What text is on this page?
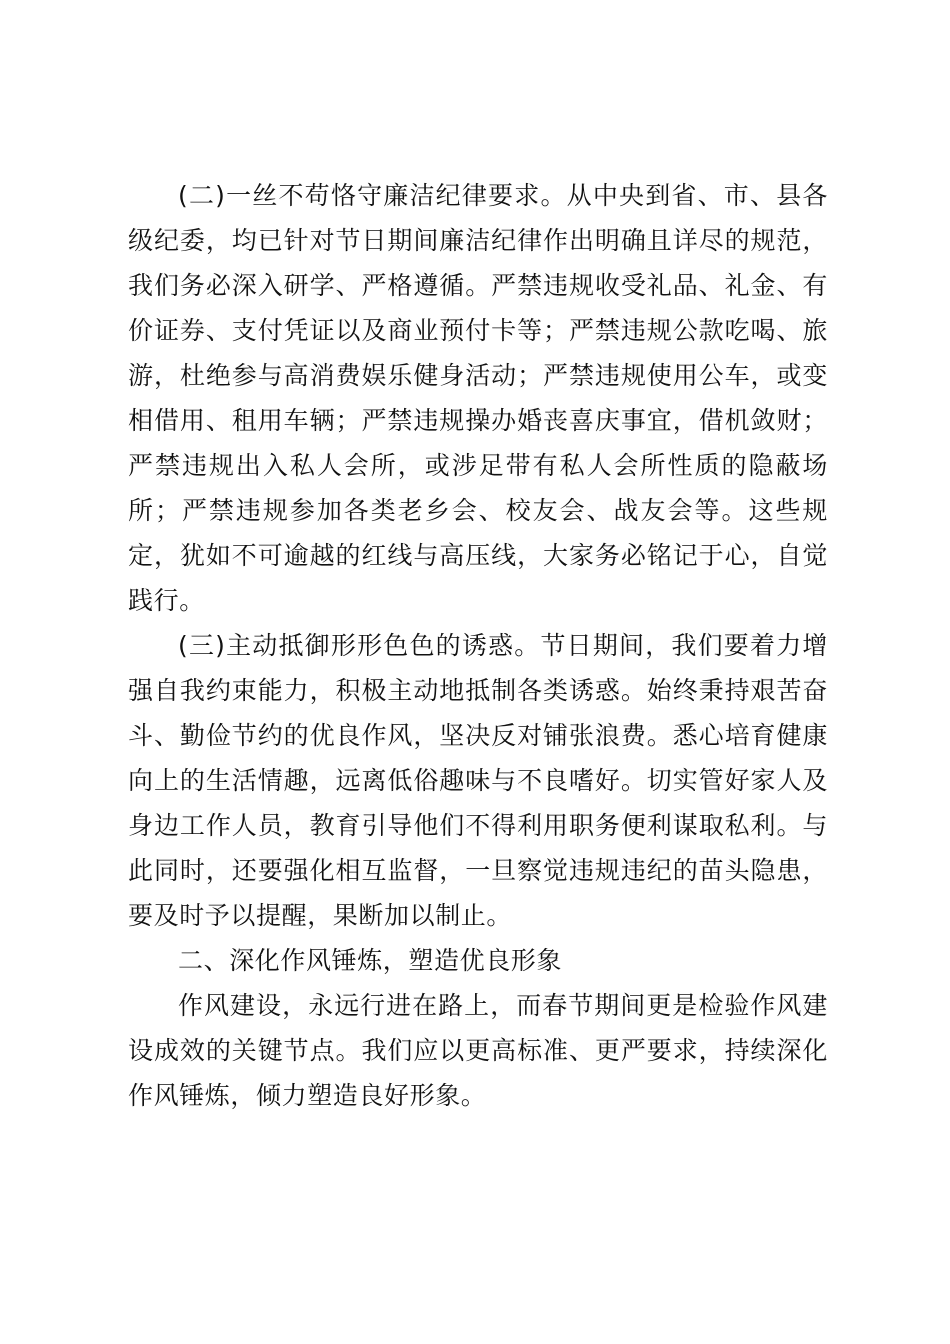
(二)一丝不苟恪守廉洁纪律要求。从中央到省、市、县各级纪委，均已针对节日期间廉洁纪律作出明确且详尽的规范，我们务必深入研学、严格遵循。严禁违规收受礼品、礼金、有价证券、支付凭证以及商业预付卡等；严禁违规公款吃喝、旅游，杜绝参与高消费娱乐健身活动；严禁违规使用公车，或变相借用、租用车辆；严禁违规操办婚丧喜庆事宜，借机敛财；严禁违规出入私人会所，或涉足带有私人会所性质的隐蔽场所；严禁违规参加各类老乡会、校友会、战友会等。这些规定，犹如不可逾越的红线与高压线，大家务必铭记于心，自觉践行。

(三)主动抵御形形色色的诱惑。节日期间，我们要着力增强自我约束能力，积极主动地抵制各类诱惑。始终秉持艰苦奋斗、勤俭节约的优良作风，坚决反对铺张浪费。悉心培育健康向上的生活情趣，远离低俗趣味与不良嗜好。切实管好家人及身边工作人员，教育引导他们不得利用职务便利谋取私利。与此同时，还要强化相互监督，一旦察觉违规违纪的苗头隐患，要及时予以提醒，果断加以制止。

二、深化作风锤炼，塑造优良形象

作风建设，永远行进在路上，而春节期间更是检验作风建设成效的关键节点。我们应以更高标准、更严要求，持续深化作风锤炼，倾力塑造良好形象。
